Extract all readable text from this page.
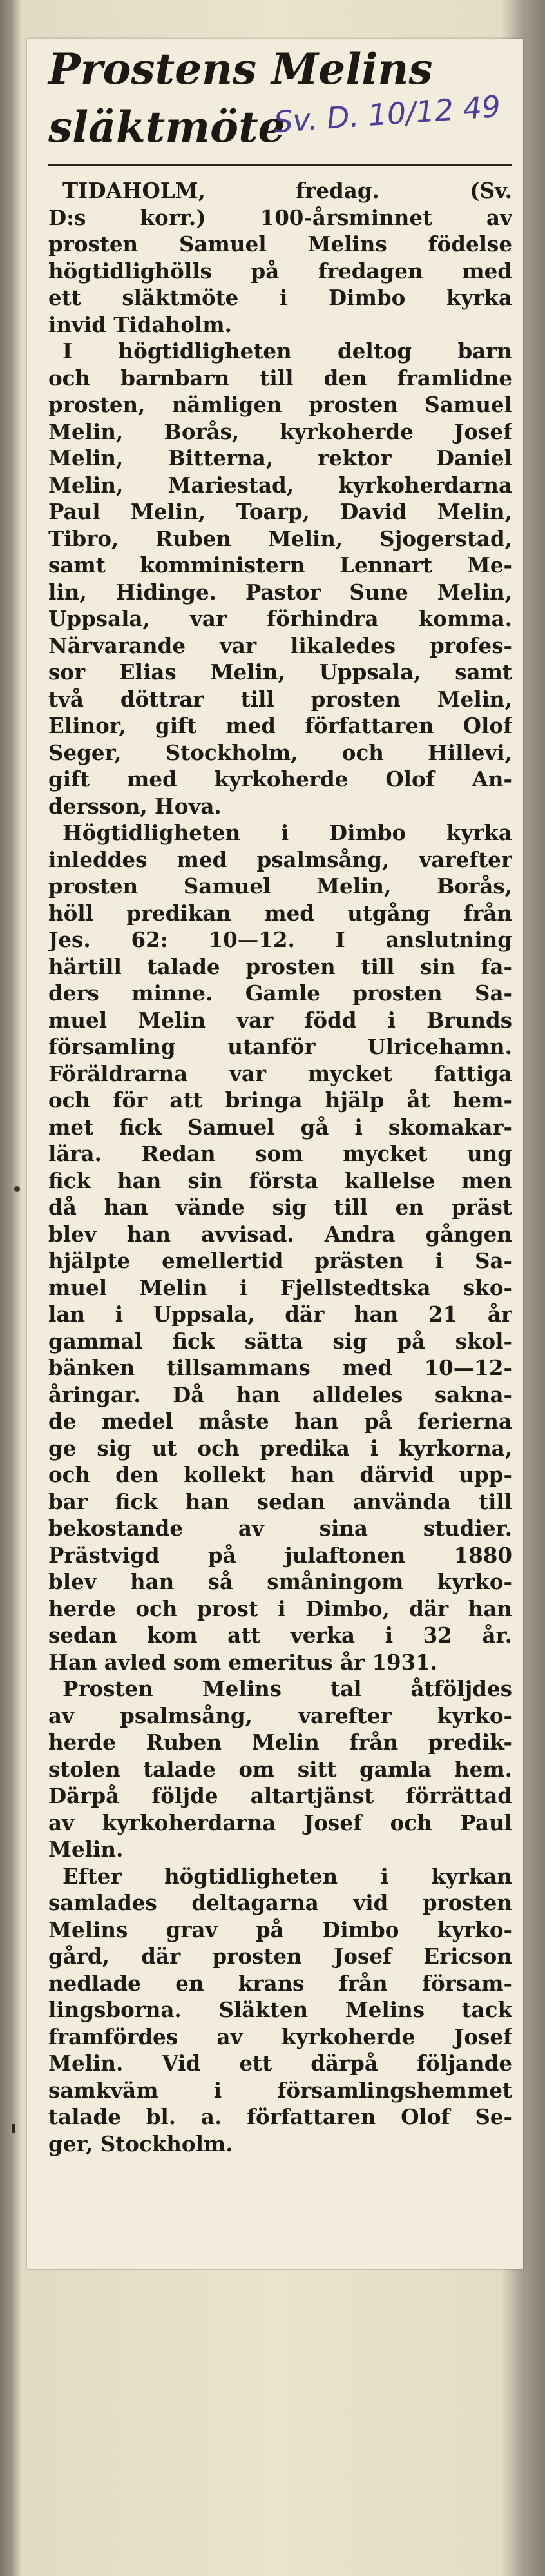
Prostens Melins
släktmöte
Sv. D. 10/12 49

TIDAHOLM, fredag. (Sv.
D:s korr.) 100-årsminnet av
prosten Samuel Melins födelse
högtidlighölls på fredagen med
ett släktmöte i Dimbo kyrka
invid Tidaholm.

I högtidligheten deltog barn
och barnbarn till den framlidne
prosten, nämligen prosten Samuel
Melin, Borås, kyrkoherde Josef
Melin, Bitterna, rektor Daniel
Melin, Mariestad, kyrkoherdarna
Paul Melin, Toarp, David Melin,
Tibro, Ruben Melin, Sjogerstad,
samt komministern Lennart Me-
lin, Hidinge. Pastor Sune Melin,
Uppsala, var förhindra komma.
Närvarande var likaledes profes-
sor Elias Melin, Uppsala, samt
två döttrar till prosten Melin,
Elinor, gift med författaren Olof
Seger, Stockholm, och Hillevi,
gift med kyrkoherde Olof An-
dersson, Hova.

Högtidligheten i Dimbo kyrka
inleddes med psalmsång, varefter
prosten Samuel Melin, Borås,
höll predikan med utgång från
Jes. 62: 10—12. I anslutning
härtill talade prosten till sin fa-
ders minne. Gamle prosten Sa-
muel Melin var född i Brunds
församling utanför Ulricehamn.
Föräldrarna var mycket fattiga
och för att bringa hjälp åt hem-
met fick Samuel gå i skomakar-
lära. Redan som mycket ung
fick han sin första kallelse men
då han vände sig till en präst
blev han avvisad. Andra gången
hjälpte emellertid prästen i Sa-
muel Melin i Fjellstedtska sko-
lan i Uppsala, där han 21 år
gammal fick sätta sig på skol-
bänken tillsammans med 10—12-
åringar. Då han alldeles sakna-
de medel måste han på ferierna
ge sig ut och predika i kyrkorna,
och den kollekt han därvid upp-
bar fick han sedan använda till
bekostande av sina studier.
Prästvigd på julaftonen 1880
blev han så småningom kyrko-
herde och prost i Dimbo, där han
sedan kom att verka i 32 år.
Han avled som emeritus år 1931.

Prosten Melins tal åtföljdes
av psalmsång, varefter kyrko-
herde Ruben Melin från predik-
stolen talade om sitt gamla hem.
Därpå följde altartjänst förrättad
av kyrkoherdarna Josef och Paul
Melin.

Efter högtidligheten i kyrkan
samlades deltagarna vid prosten
Melins grav på Dimbo kyrko-
gård, där prosten Josef Ericson
nedlade en krans från försam-
lingsborna. Släkten Melins tack
framfördes av kyrkoherde Josef
Melin. Vid ett därpå följande
samkväm i församlingshemmet
talade bl. a. författaren Olof Se-
ger, Stockholm.
